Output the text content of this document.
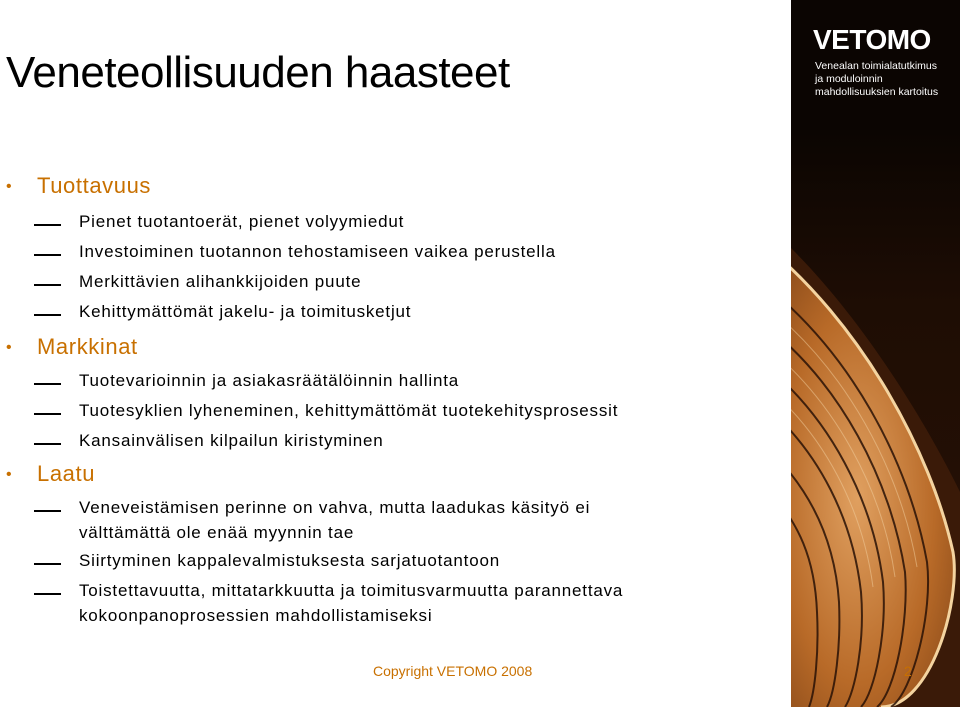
Veneteollisuuden haasteet
VETOMO
Venealan toimialatutkimus
ja moduloinnin
mahdollisuuksien kartoitus
• Tuottavuus
Pienet tuotantoerät, pienet volyymiedut
Investoiminen tuotannon tehostamiseen vaikea perustella
Merkittävien alihankkijoiden puute
Kehittymättömät jakelu- ja toimitusketjut
• Markkinat
Tuotevarioinnin ja asiakasräätälöinnin hallinta
Tuotesyklien lyheneminen, kehittymättömät tuotekehitysprosessit
Kansainvälisen kilpailun kiristyminen
• Laatu
Veneveistämisen perinne on vahva, mutta laadukas käsityö ei
välttämättä ole enää myynnin tae
Siirtyminen kappalevalmistuksesta sarjatuotantoon
Toistettavuutta, mittatarkkuutta ja toimitusvarmuutta parannettava
kokoonpanoprosessien mahdollistamiseksi
Copyright VETOMO 2008	2
